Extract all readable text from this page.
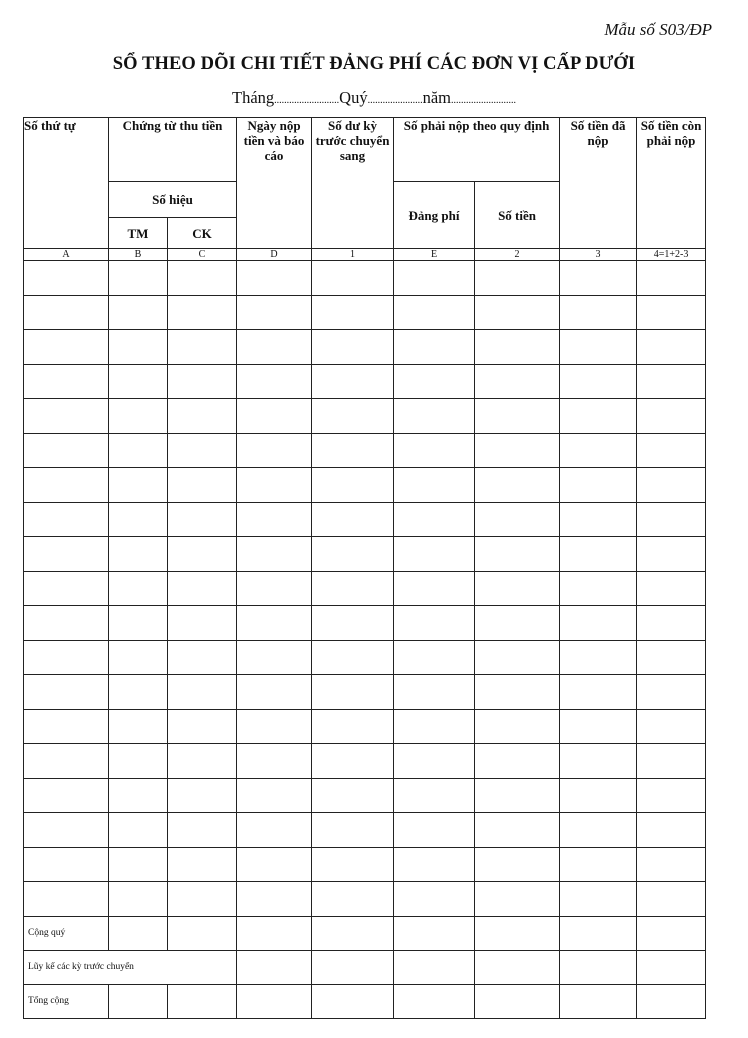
Mẫu số S03/ĐP
SỔ THEO DÕI CHI TIẾT ĐẢNG PHÍ CÁC ĐƠN VỊ CẤP DƯỚI
Tháng..........................Quý......................năm..........................
Số thứ tự	Chứng từ thu tiền		Ngày nộp tiền và báo cáo	Số dư kỳ trước chuyển sang	Số phải nộp theo quy định		Số tiền đã nộp	Số tiền còn phải nộp
	Số hiệu				Đảng phí	Số tiền		
	TM	CK						
A	B	C	D	1	E	2	3	4=1+2-3

Cộng quý								
Lũy kế các kỳ trước chuyển								
Tổng cộng								
